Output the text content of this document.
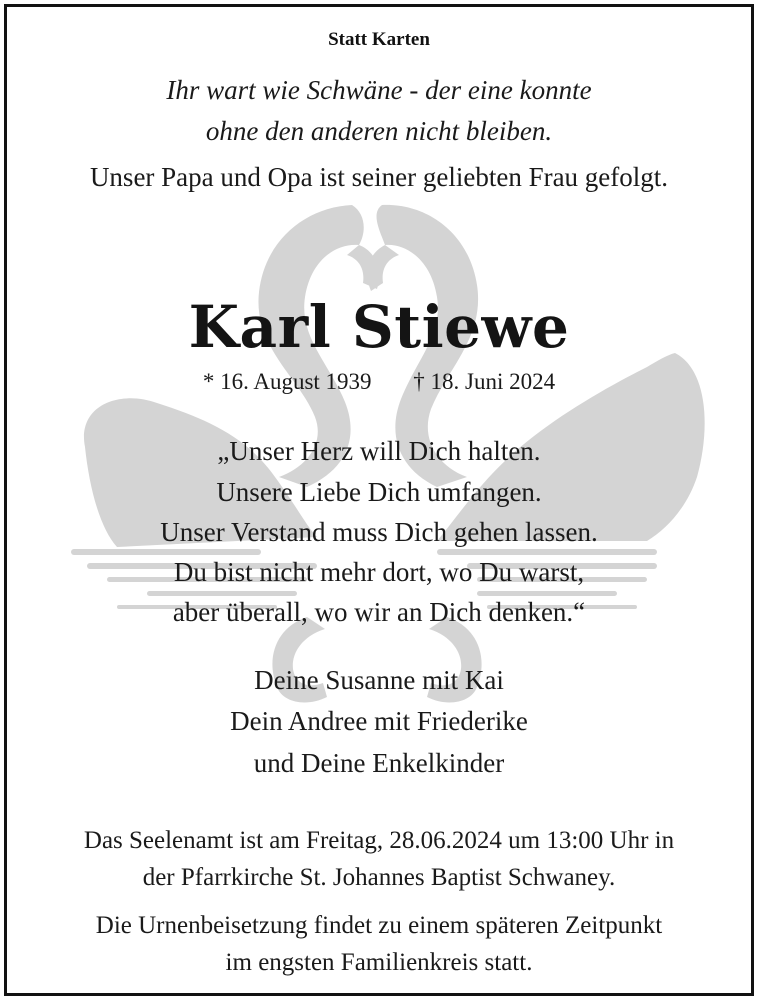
Statt Karten
Ihr wart wie Schwäne - der eine konnte
ohne den anderen nicht bleiben.
Unser Papa und Opa ist seiner geliebten Frau gefolgt.
Karl Stiewe
* 16. August 1939 † 18. Juni 2024
„Unser Herz will Dich halten.
Unsere Liebe Dich umfangen.
Unser Verstand muss Dich gehen lassen.
Du bist nicht mehr dort, wo Du warst,
aber überall, wo wir an Dich denken.“
Deine Susanne mit Kai
Dein Andree mit Friederike
und Deine Enkelkinder
Das Seelenamt ist am Freitag, 28.06.2024 um 13:00 Uhr in
der Pfarrkirche St. Johannes Baptist Schwaney.
Die Urnenbeisetzung findet zu einem späteren Zeitpunkt
im engsten Familienkreis statt.
